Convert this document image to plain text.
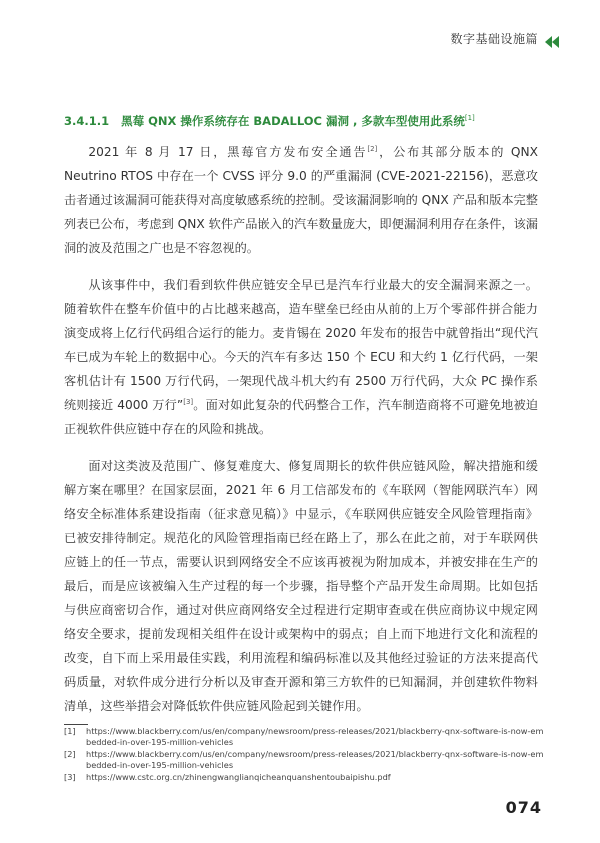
数字基础设施篇
3.4.1.1 黑莓 QNX 操作系统存在 BADALLOC 漏洞 , 多款车型使用此系统[1]

2021 年 8 月 17 日，黑莓官方发布安全通告[2]，公布其部分版本的 QNX Neutrino RTOS 中存在一个 CVSS 评分 9.0 的严重漏洞 (CVE-2021-22156)，恶意攻击者通过该漏洞可能获得对高度敏感系统的控制。受该漏洞影响的 QNX 产品和版本完整列表已公布，考虑到 QNX 软件产品嵌入的汽车数量庞大，即便漏洞利用存在条件，该漏洞的波及范围之广也是不容忽视的。

从该事件中，我们看到软件供应链安全早已是汽车行业最大的安全漏洞来源之一。随着软件在整车价值中的占比越来越高，造车壁垒已经由从前的上万个零部件拼合能力演变成将上亿行代码组合运行的能力。麦肯锡在 2020 年发布的报告中就曾指出“现代汽车已成为车轮上的数据中心。今天的汽车有多达 150 个 ECU 和大约 1 亿行代码，一架客机估计有 1500 万行代码，一架现代战斗机大约有 2500 万行代码，大众 PC 操作系统则接近 4000 万行”[3]。面对如此复杂的代码整合工作，汽车制造商将不可避免地被迫正视软件供应链中存在的风险和挑战。

面对这类波及范围广、修复难度大、修复周期长的软件供应链风险，解决措施和缓解方案在哪里？在国家层面，2021 年 6 月工信部发布的《车联网（智能网联汽车）网络安全标准体系建设指南（征求意见稿）》中显示，《车联网供应链安全风险管理指南》已被安排待制定。规范化的风险管理指南已经在路上了，那么在此之前，对于车联网供应链上的任一节点，需要认识到网络安全不应该再被视为附加成本，并被安排在生产的最后，而是应该被编入生产过程的每一个步骤，指导整个产品开发生命周期。比如包括与供应商密切合作，通过对供应商网络安全过程进行定期审查或在供应商协议中规定网络安全要求，提前发现相关组件在设计或架构中的弱点；自上而下地进行文化和流程的改变，自下而上采用最佳实践，利用流程和编码标准以及其他经过验证的方法来提高代码质量，对软件成分进行分析以及审查开源和第三方软件的已知漏洞，并创建软件物料清单，这些举措会对降低软件供应链风险起到关键作用。

[1]	https://www.blackberry.com/us/en/company/newsroom/press-releases/2021/blackberry-qnx-software-is-now-embedded-in-over-195-million-vehicles
[2]	https://www.blackberry.com/us/en/company/newsroom/press-releases/2021/blackberry-qnx-software-is-now-embedded-in-over-195-million-vehicles
[3]	https://www.cstc.org.cn/zhinengwanglianqicheanquanshentoubaipishu.pdf
074
